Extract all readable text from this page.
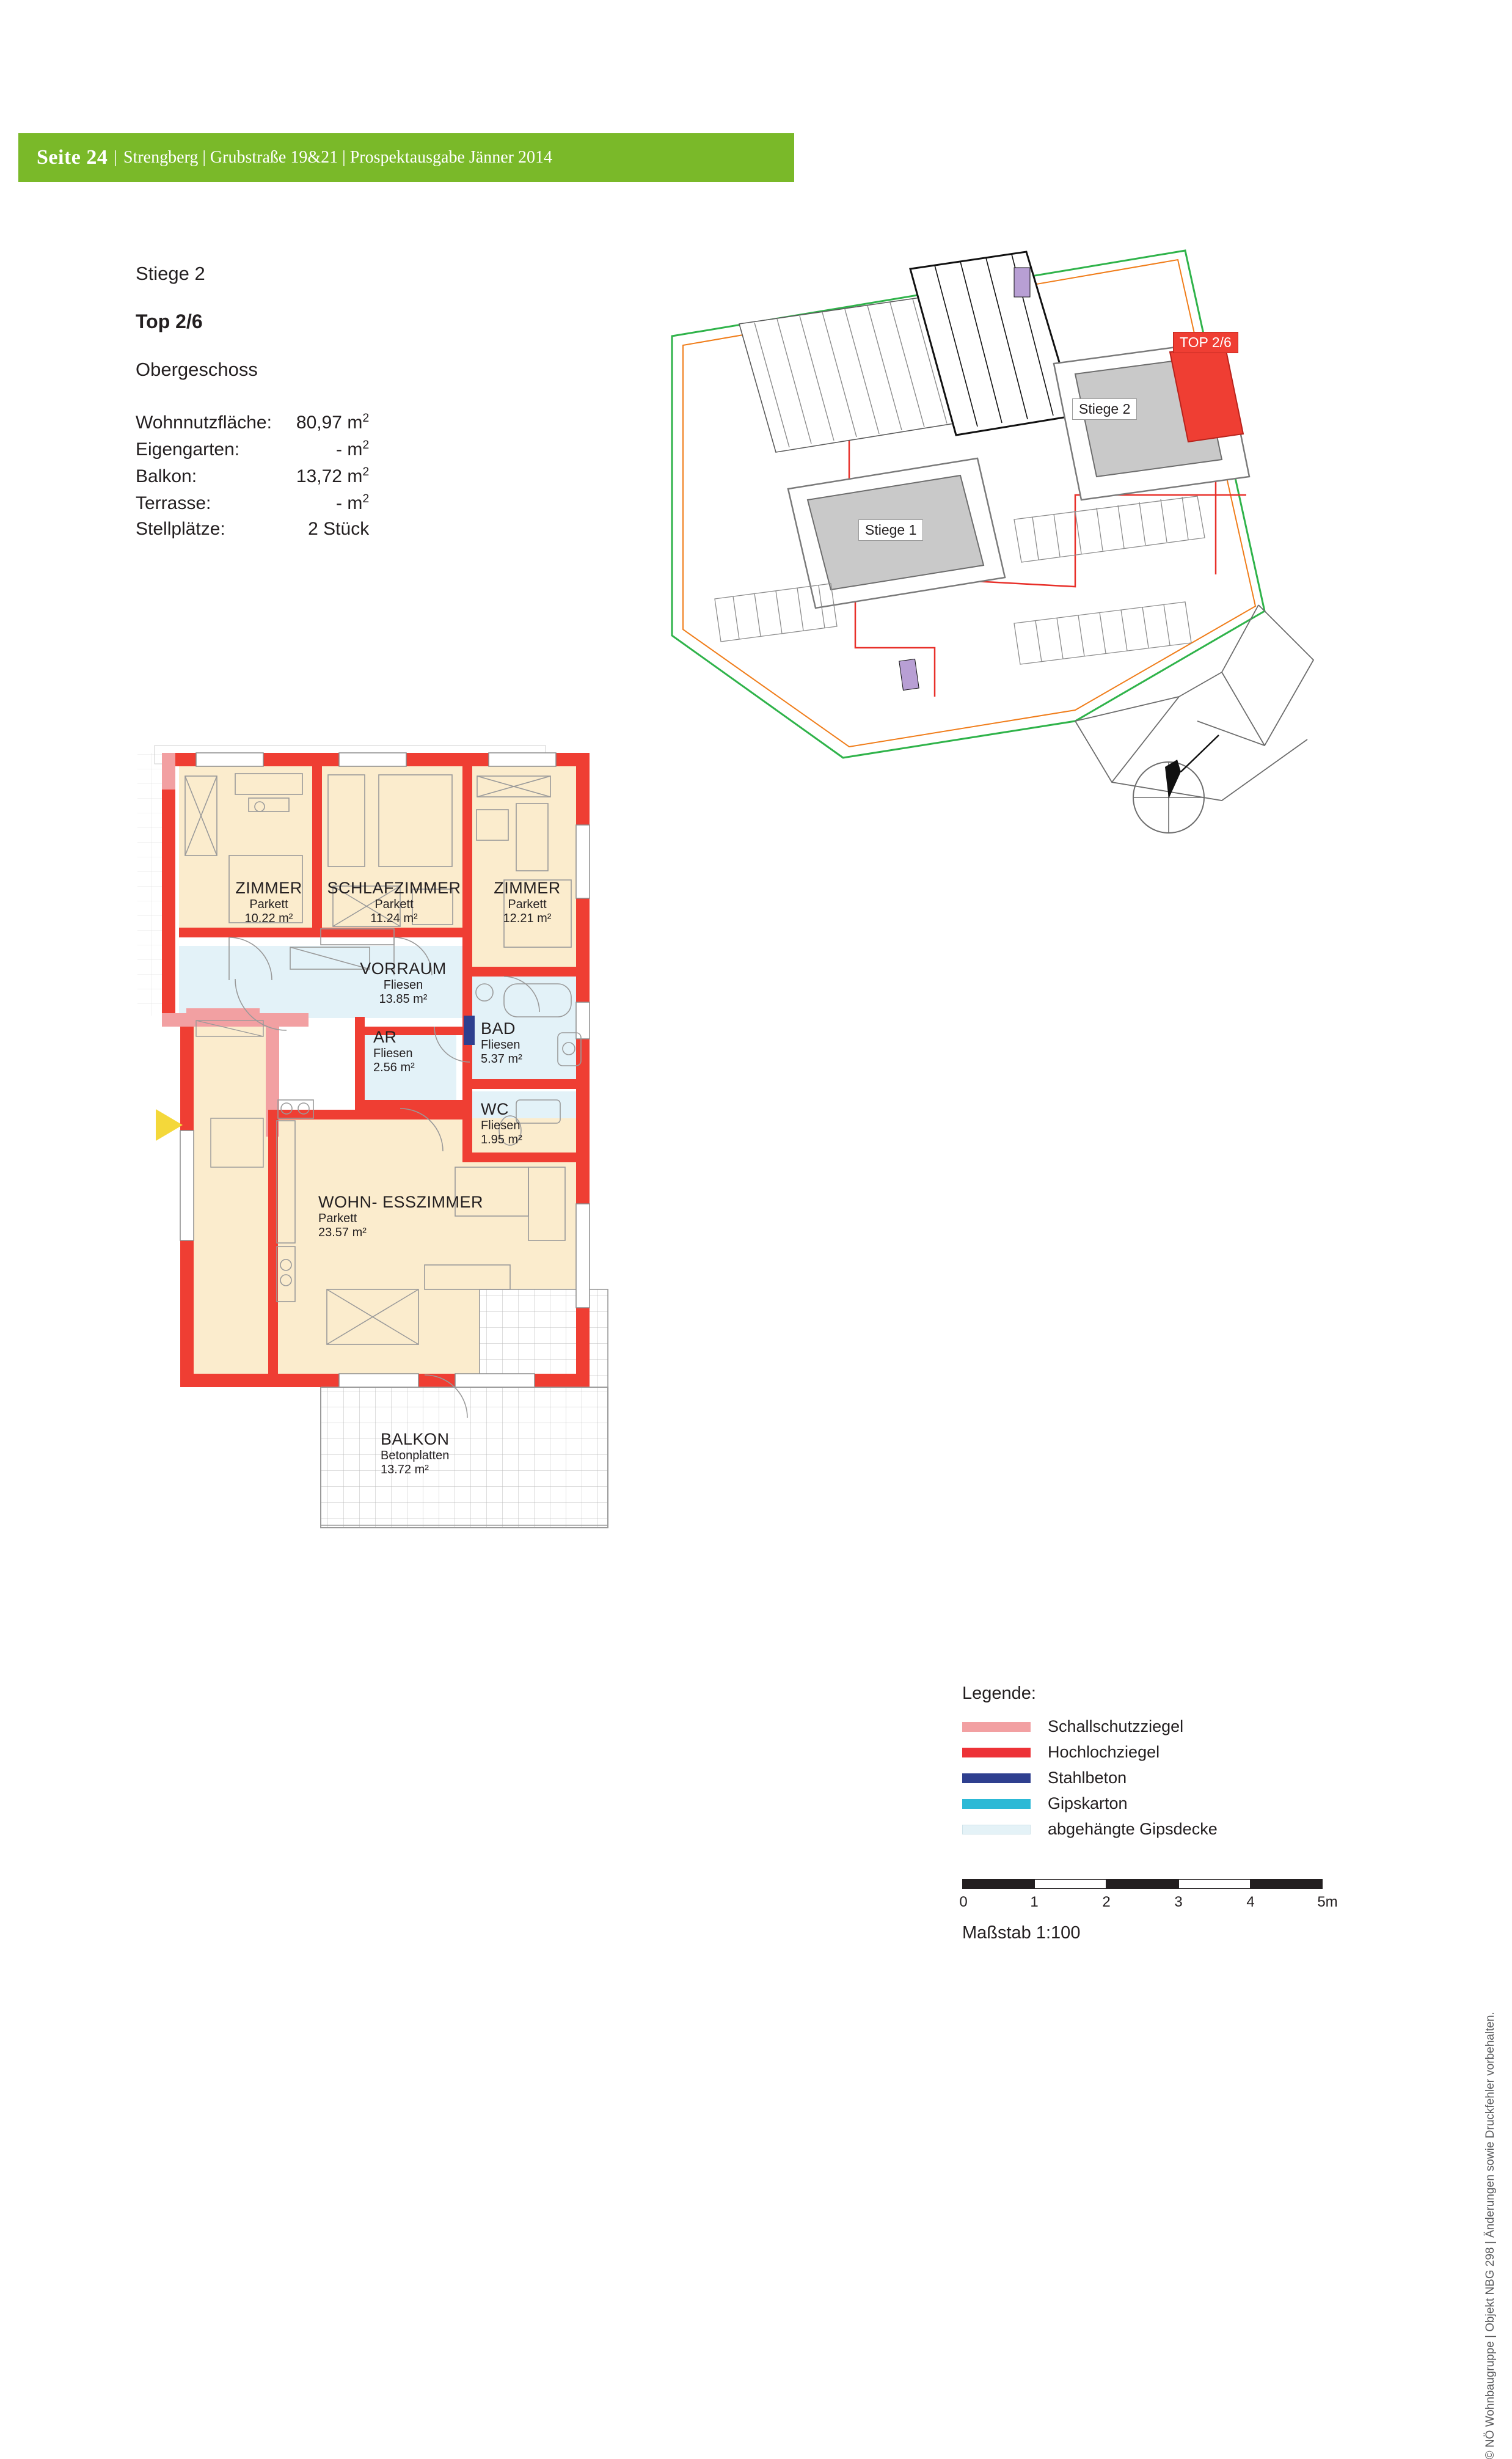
Seite 24 | Strengberg | Grubstraße 19&21 | Prospektausgabe Jänner 2014
Stiege 2
Top 2/6
Obergeschoss
Wohnnutzfläche:	80,97 $m^2$
Eigengarten:	- $m^2$
Balkon:	13,72 $m^2$
Terrasse:	- $m^2$
Stellplätze:	2 Stück
TOP 2/6
Stiege 2
Stiege 1
ZIMMER
Parkett
10.22 m²
SCHLAFZIMMER
Parkett
11.24 m²
ZIMMER
Parkett
12.21 m²
VORRAUM
Fliesen
13.85 m²
AR
Fliesen
2.56 m²
BAD
Fliesen
5.37 m²
WC
Fliesen
1.95 m²
WOHN- ESSZIMMER
Parkett
23.57 m²
BALKON
Betonplatten
13.72 m²
Legende:
Schallschutzziegel
Hochlochziegel
Stahlbeton
Gipskarton
abgehängte Gipsdecke
0	1	2	3	4	5m
Maßstab 1:100
© NÖ Wohnbaugruppe | Objekt NBG 298 | Änderungen sowie Druckfehler vorbehalten.
